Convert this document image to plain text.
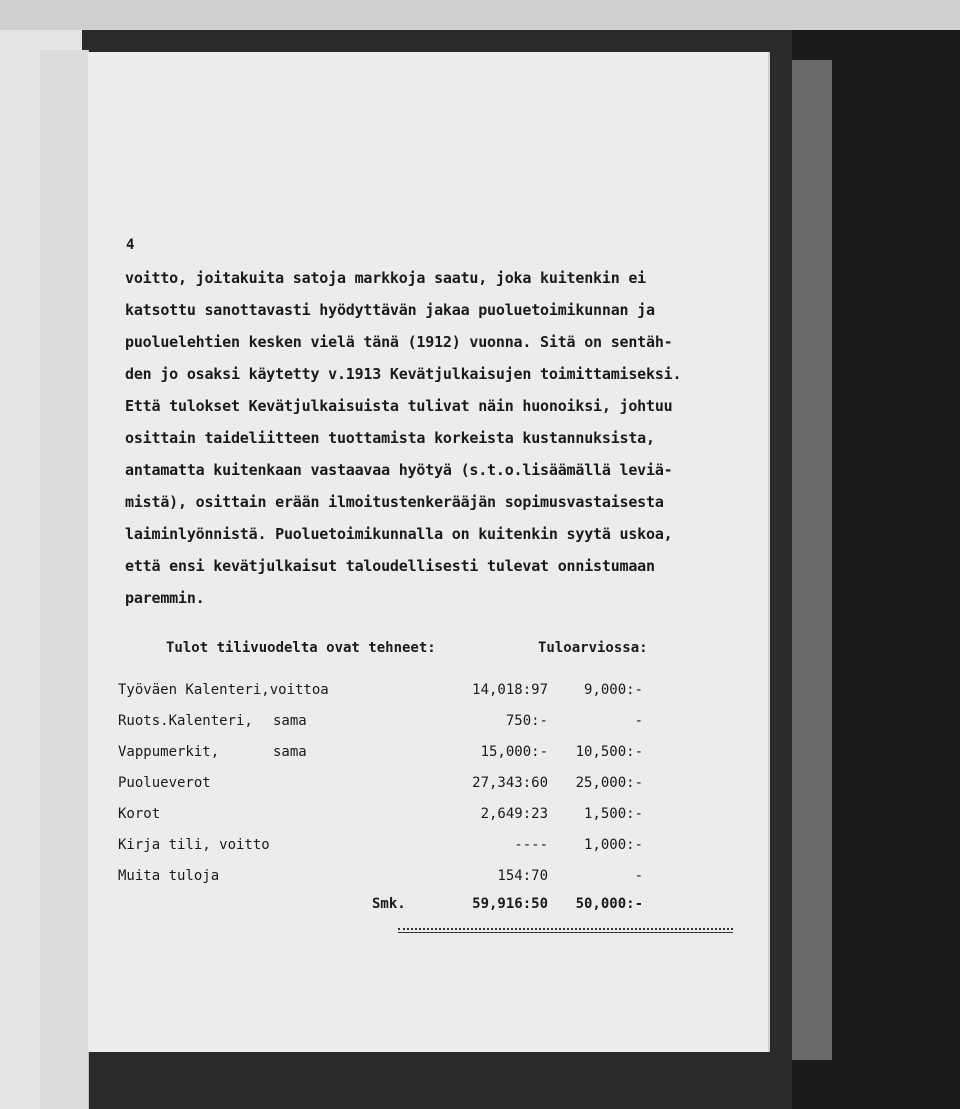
4
voitto, joitakuita satoja markkoja saatu, joka kuitenkin ei
katsottu sanottavasti hyödyttävän jakaa puoluetoimikunnan ja
puoluelehtien kesken vielä tänä (1912) vuonna. Sitä on sentäh-
den jo osaksi käytetty v.1913 Kevätjulkaisujen toimittamiseksi.
Että tulokset Kevätjulkaisuista tulivat näin huonoiksi, johtuu
osittain taideliitteen tuottamista korkeista kustannuksista,
antamatta kuitenkaan vastaavaa hyötyä (s.t.o.lisäämällä leviä-
mistä), osittain erään ilmoitustenkerääjän sopimusvastaisesta
laiminlyönnistä. Puoluetoimikunnalla on kuitenkin syytä uskoa,
että ensi kevätjulkaisut taloudellisesti tulevat onnistumaan
paremmin.
Tulot tilivuodelta ovat tehneet:	Tuloarviossa:
Työväen Kalenteri,voittoa	14,018:97	9,000:-
Ruots.Kalenteri, sama	750:-	-
Vappumerkit,	sama	15,000:-	10,500:-
Puolueverot	27,343:60	25,000:-
Korot	2,649:23	1,500:-
Kirja tili, voitto	----	1,000:-
Muita tuloja	154:70	-
Smk.	59,916:50	50,000:-
